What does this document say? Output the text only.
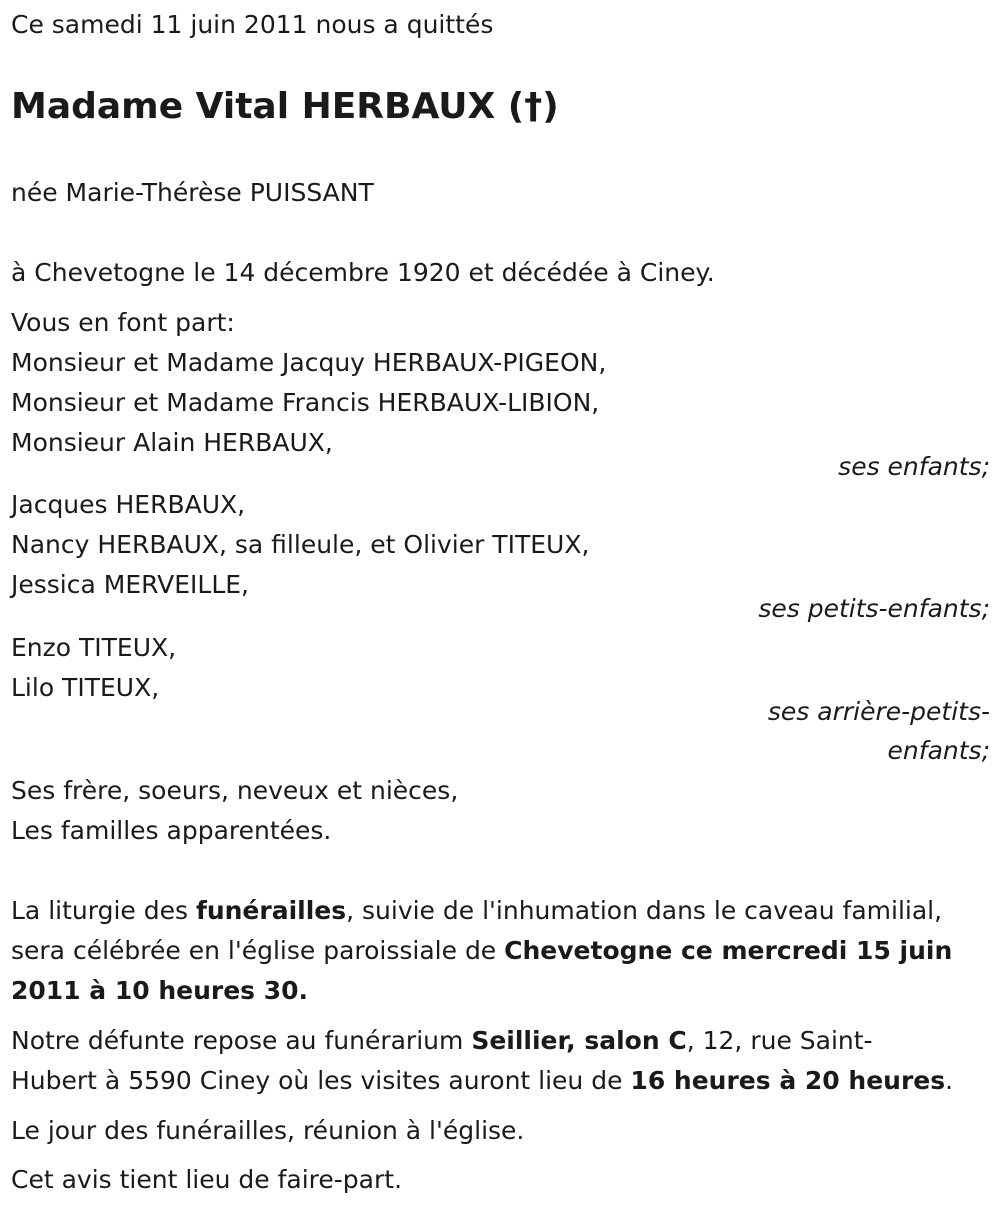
Ce samedi 11 juin 2011 nous a quittés
Madame Vital HERBAUX (†)
née Marie-Thérèse PUISSANT
à Chevetogne le 14 décembre 1920 et décédée à Ciney.
Vous en font part:
Monsieur et Madame Jacquy HERBAUX-PIGEON,
Monsieur et Madame Francis HERBAUX-LIBION,
Monsieur Alain HERBAUX,
ses enfants;
Jacques HERBAUX,
Nancy HERBAUX, sa filleule, et Olivier TITEUX,
Jessica MERVEILLE,
ses petits-enfants;
Enzo TITEUX,
Lilo TITEUX,
ses arrière-petits-
enfants;
Ses frère, soeurs, neveux et nièces,
Les familles apparentées.
La liturgie des funérailles, suivie de l'inhumation dans le caveau familial,
sera célébrée en l'église paroissiale de Chevetogne ce mercredi 15 juin
2011 à 10 heures 30.
Notre défunte repose au funérarium Seillier, salon C, 12, rue Saint-
Hubert à 5590 Ciney où les visites auront lieu de 16 heures à 20 heures.
Le jour des funérailles, réunion à l'église.
Cet avis tient lieu de faire-part.
